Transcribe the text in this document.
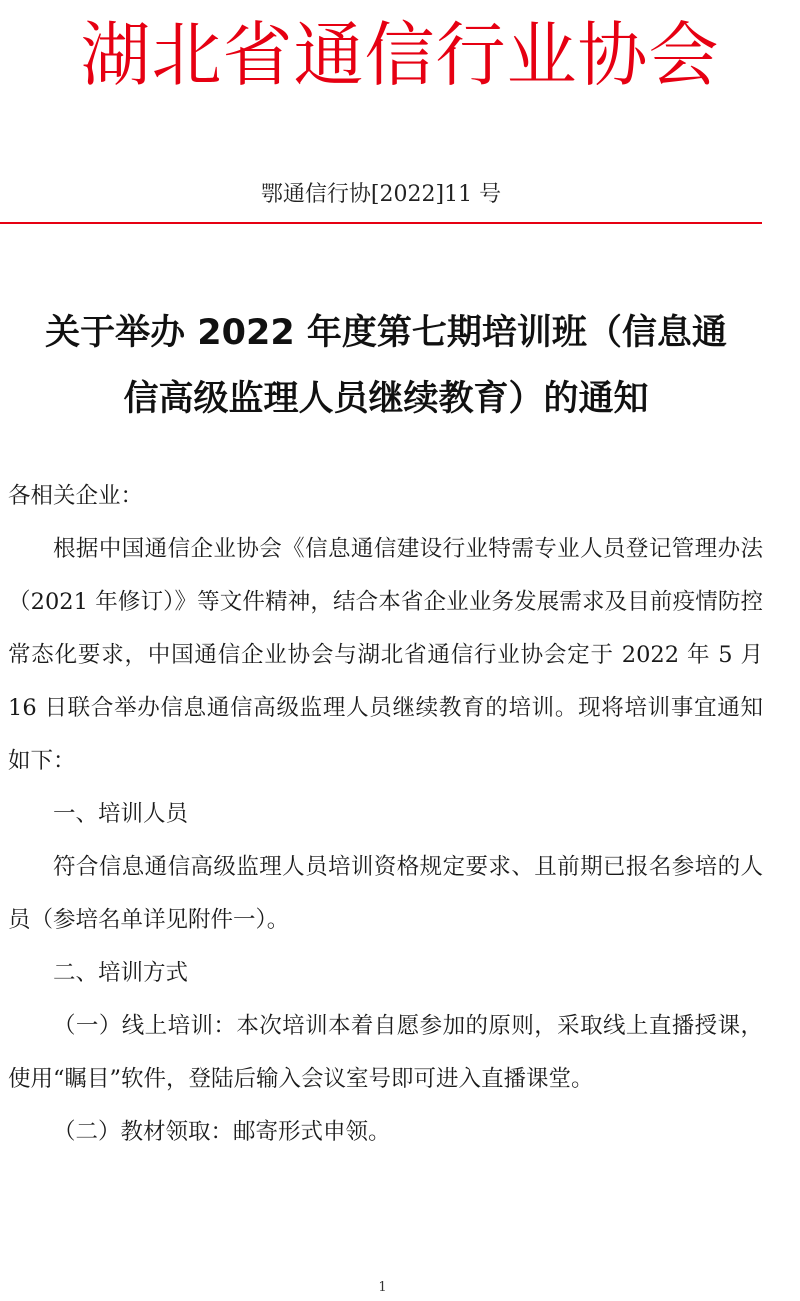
湖北省通信行业协会
鄂通信行协[2022]11 号
关于举办 2022 年度第七期培训班（信息通
信高级监理人员继续教育）的通知

各相关企业：

根据中国通信企业协会《信息通信建设行业特需专业人员登记管理办法（2021 年修订）》等文件精神，结合本省企业业务发展需求及目前疫情防控常态化要求，中国通信企业协会与湖北省通信行业协会定于 2022 年 5 月 16 日联合举办信息通信高级监理人员继续教育的培训。现将培训事宜通知如下：

一、培训人员

符合信息通信高级监理人员培训资格规定要求、且前期已报名参培的人员（参培名单详见附件一）。

二、培训方式

（一）线上培训：本次培训本着自愿参加的原则，采取线上直播授课，使用“瞩目”软件，登陆后输入会议室号即可进入直播课堂。

（二）教材领取：邮寄形式申领。

1
